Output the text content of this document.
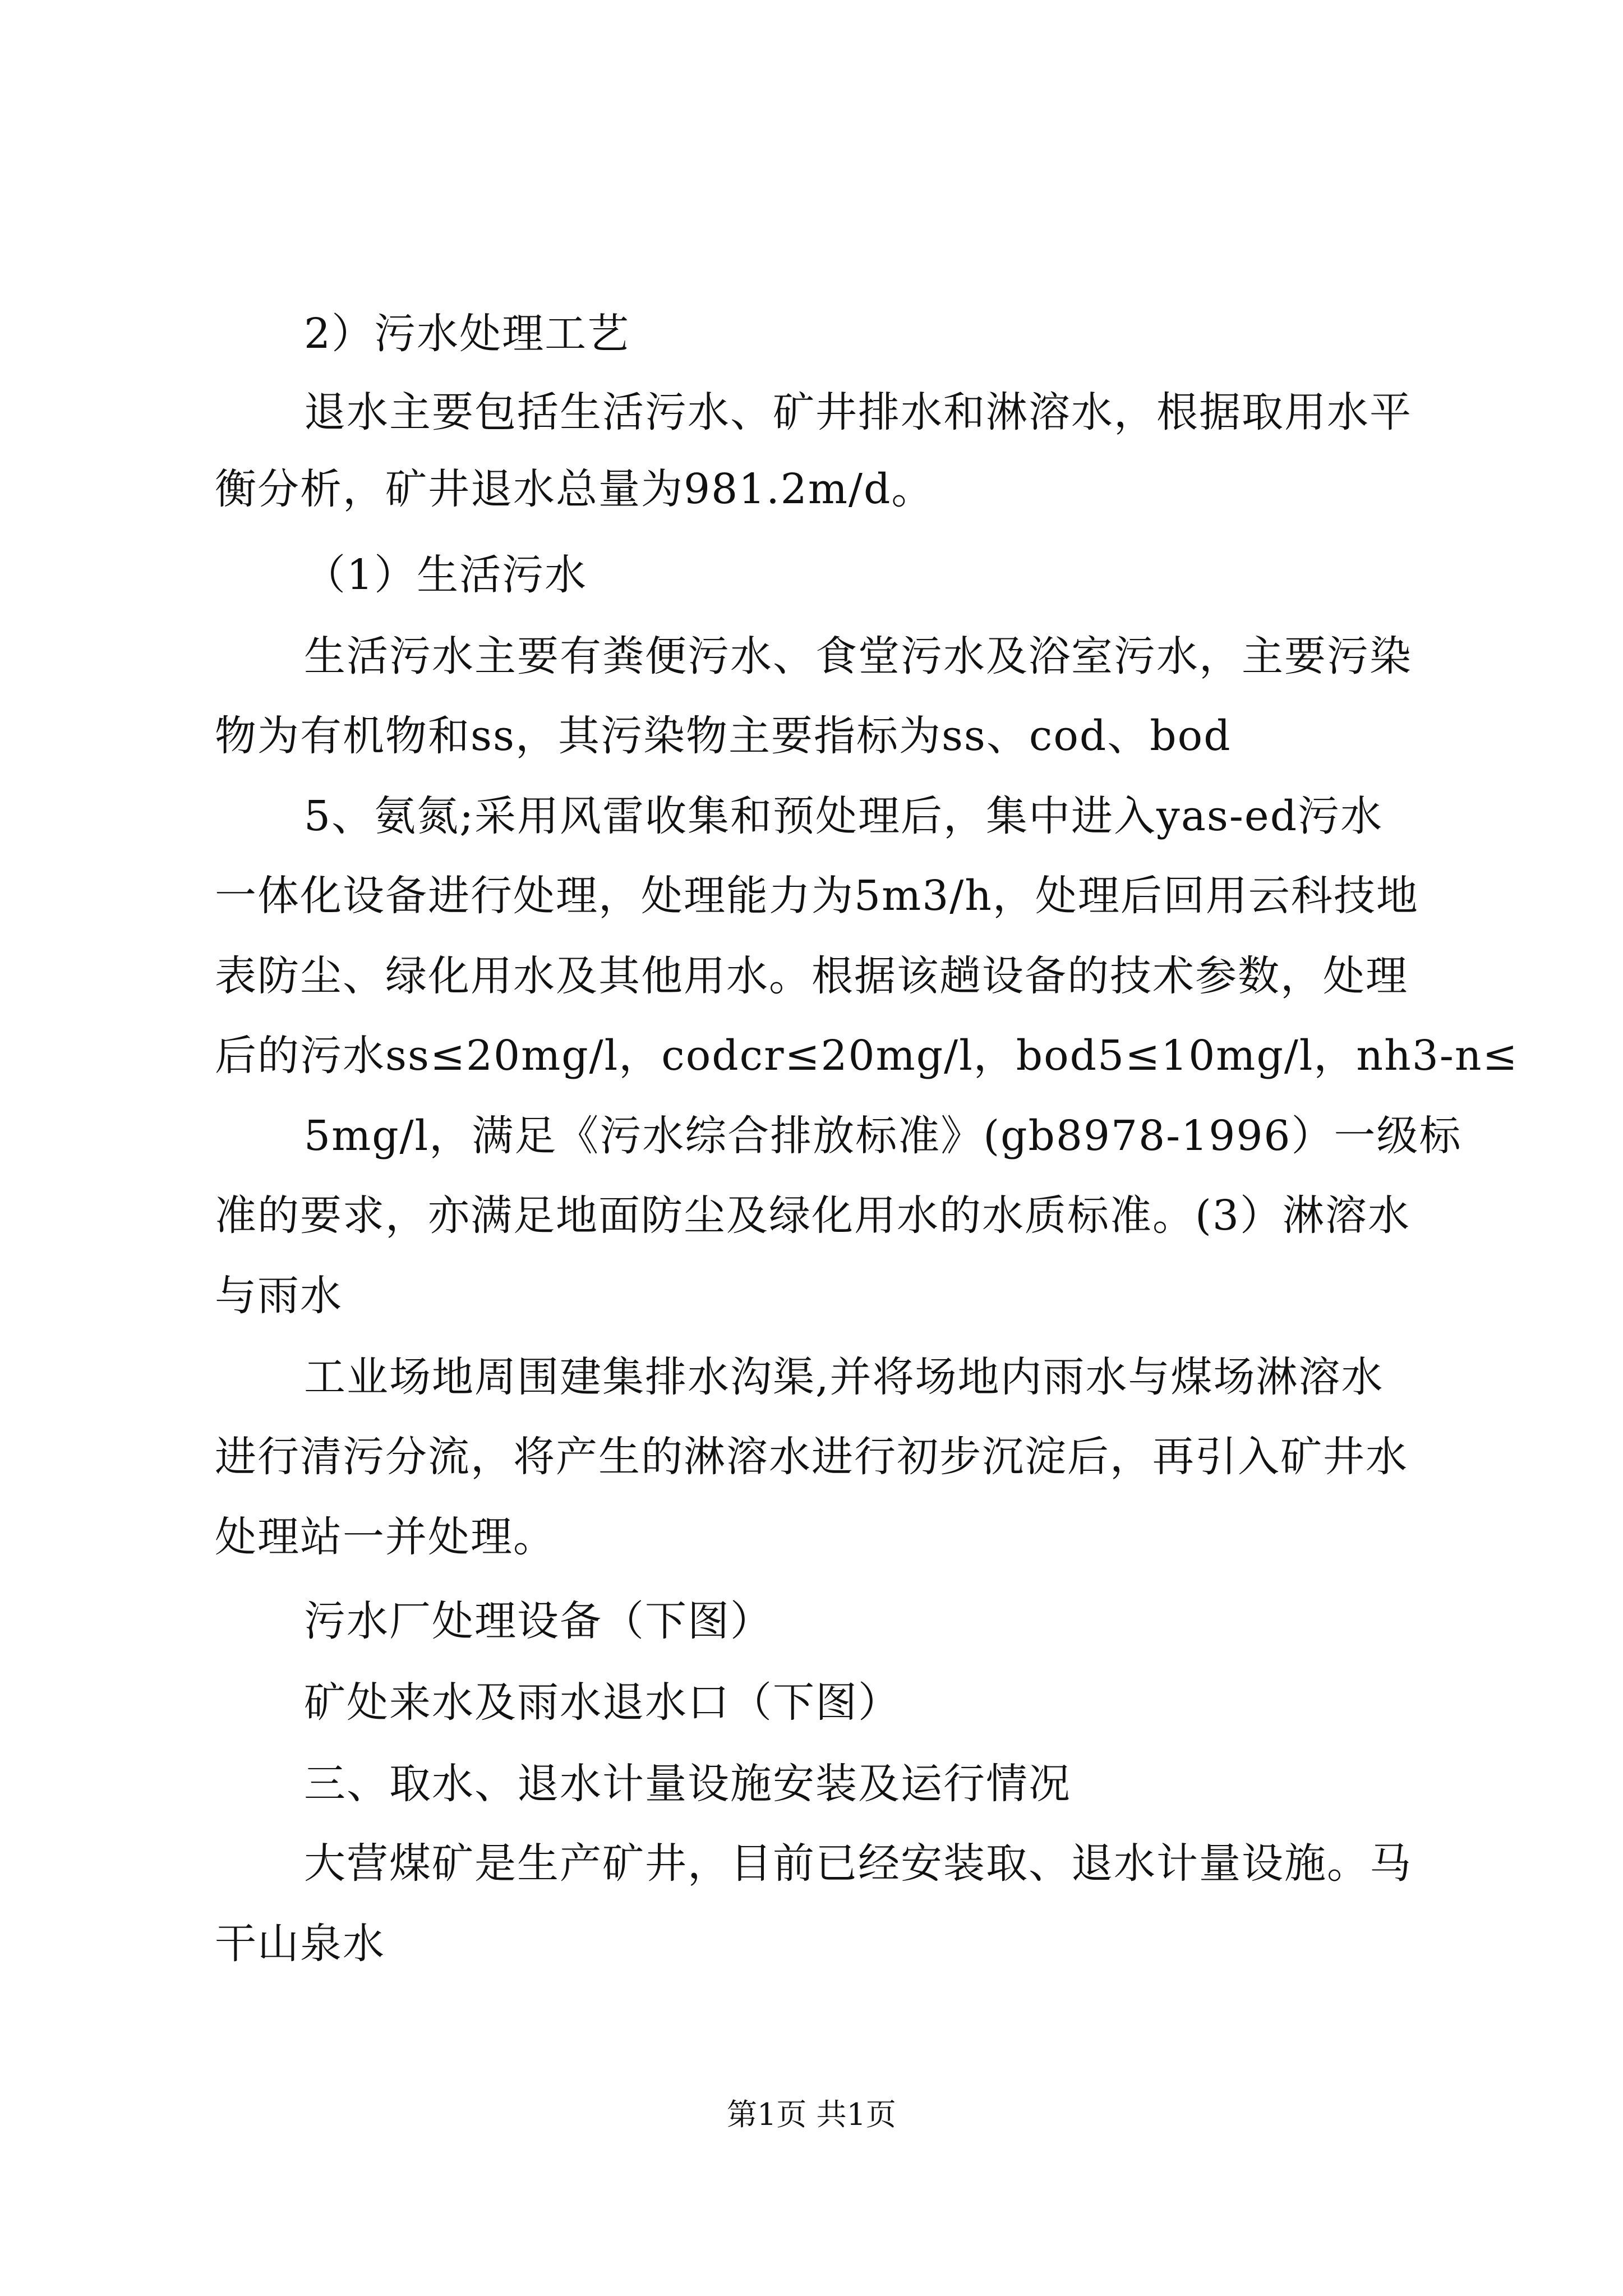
2）污水处理工艺
退水主要包括生活污水、矿井排水和淋溶水，根据取用水平
衡分析，矿井退水总量为981.2m/d。
（1）生活污水
生活污水主要有粪便污水、食堂污水及浴室污水，主要污染
物为有机物和ss，其污染物主要指标为ss、cod、bod
5、氨氮;采用风雷收集和预处理后，集中进入yas-ed污水
一体化设备进行处理，处理能力为5m3/h，处理后回用云科技地
表防尘、绿化用水及其他用水。根据该趟设备的技术参数，处理
后的污水ss≤20mg/l，codcr≤20mg/l，bod5≤10mg/l，nh3-n≤
5mg/l，满足《污水综合排放标准》(gb8978-1996）一级标
准的要求，亦满足地面防尘及绿化用水的水质标准。(3）淋溶水
与雨水
工业场地周围建集排水沟渠,并将场地内雨水与煤场淋溶水
进行清污分流，将产生的淋溶水进行初步沉淀后，再引入矿井水
处理站一并处理。
污水厂处理设备（下图）
矿处来水及雨水退水口（下图）
三、取水、退水计量设施安装及运行情况
大营煤矿是生产矿井，目前已经安装取、退水计量设施。马
干山泉水
第1页 共1页
